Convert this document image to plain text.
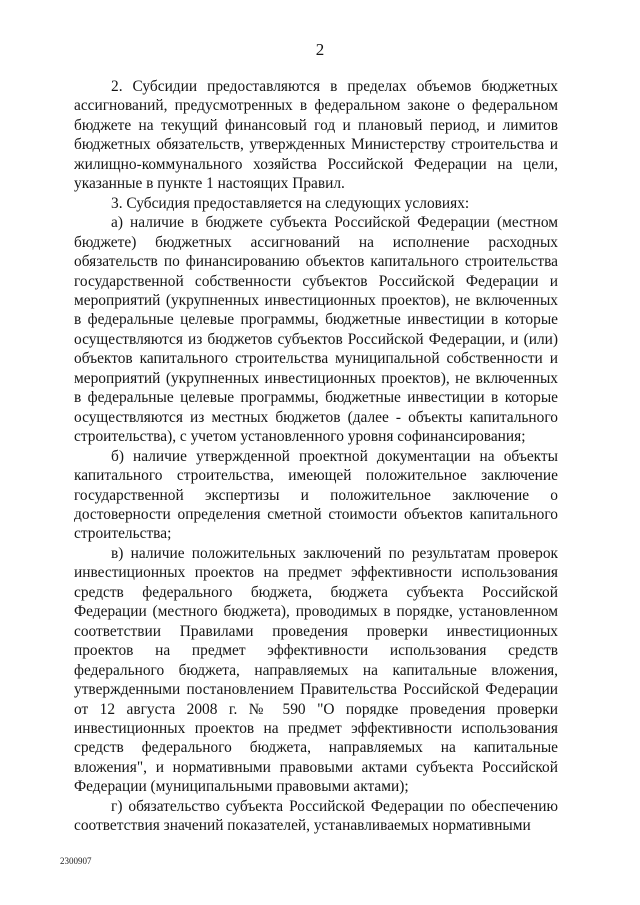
2

2. Субсидии предоставляются в пределах объемов бюджетных ассигнований, предусмотренных в федеральном законе о федеральном бюджете на текущий финансовый год и плановый период, и лимитов бюджетных обязательств, утвержденных Министерству строительства и жилищно-коммунального хозяйства Российской Федерации на цели, указанные в пункте 1 настоящих Правил.

3. Субсидия предоставляется на следующих условиях:

а) наличие в бюджете субъекта Российской Федерации (местном бюджете) бюджетных ассигнований на исполнение расходных обязательств по финансированию объектов капитального строительства государственной собственности субъектов Российской Федерации и мероприятий (укрупненных инвестиционных проектов), не включенных в федеральные целевые программы, бюджетные инвестиции в которые осуществляются из бюджетов субъектов Российской Федерации, и (или) объектов капитального строительства муниципальной собственности и мероприятий (укрупненных инвестиционных проектов), не включенных в федеральные целевые программы, бюджетные инвестиции в которые осуществляются из местных бюджетов (далее - объекты капитального строительства), с учетом установленного уровня софинансирования;

б) наличие утвержденной проектной документации на объекты капитального строительства, имеющей положительное заключение государственной экспертизы и положительное заключение о достоверности определения сметной стоимости объектов капитального строительства;

в) наличие положительных заключений по результатам проверок инвестиционных проектов на предмет эффективности использования средств федерального бюджета, бюджета субъекта Российской Федерации (местного бюджета), проводимых в порядке, установленном соответствии Правилами проведения проверки инвестиционных проектов на предмет эффективности использования средств федерального бюджета, направляемых на капитальные вложения, утвержденными постановлением Правительства Российской Федерации от 12 августа 2008 г. № 590 "О порядке проведения проверки инвестиционных проектов на предмет эффективности использования средств федерального бюджета, направляемых на капитальные вложения", и нормативными правовыми актами субъекта Российской Федерации (муниципальными правовыми актами);

г) обязательство субъекта Российской Федерации по обеспечению соответствия значений показателей, устанавливаемых нормативными

2300907
